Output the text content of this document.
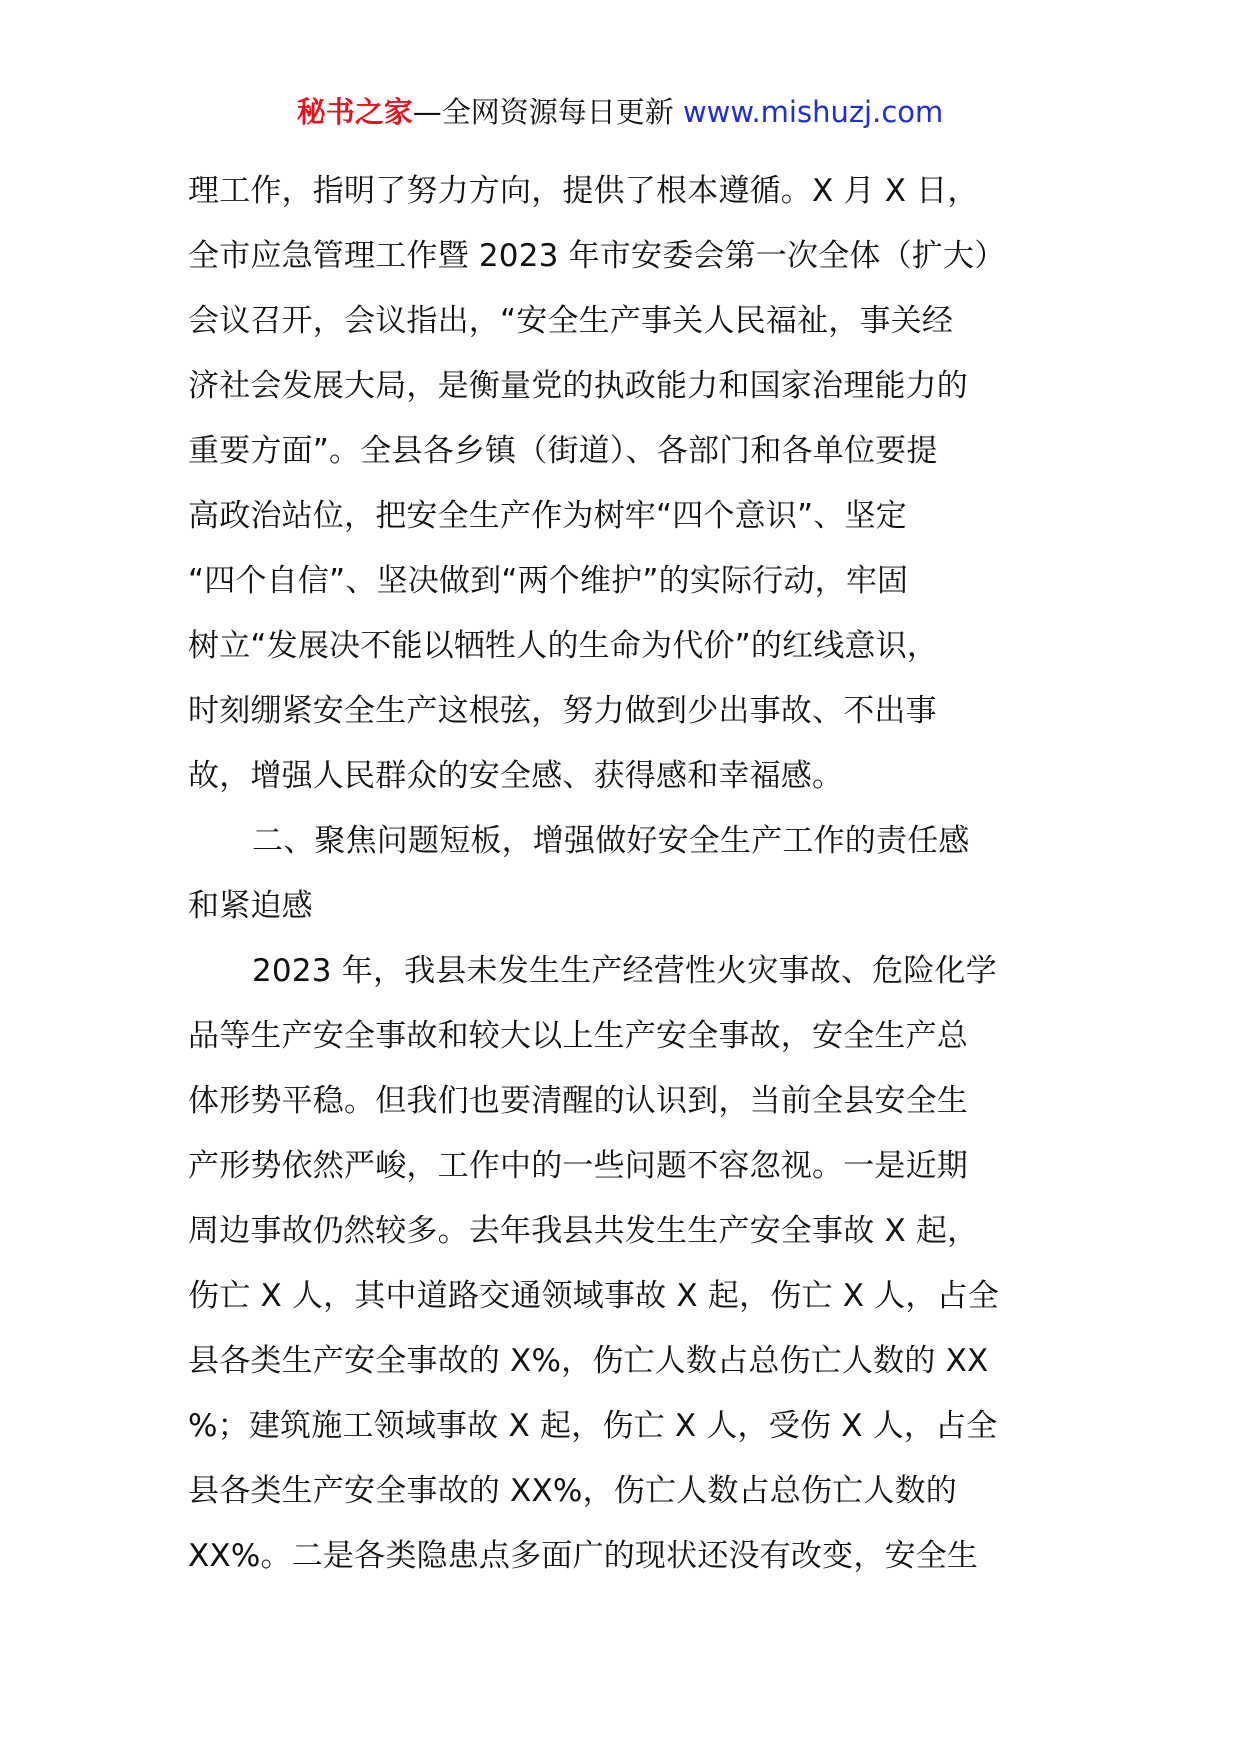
秘书之家—全网资源每日更新 www.mishuzj.com
理工作，指明了努力方向，提供了根本遵循。X 月 X 日，
全市应急管理工作暨 2023 年市安委会第一次全体（扩大）
会议召开，会议指出，“安全生产事关人民福祉，事关经
济社会发展大局，是衡量党的执政能力和国家治理能力的
重要方面”。全县各乡镇（街道）、各部门和各单位要提
高政治站位，把安全生产作为树牢“四个意识”、坚定
“四个自信”、坚决做到“两个维护”的实际行动，牢固
树立“发展决不能以牺牲人的生命为代价”的红线意识，
时刻绷紧安全生产这根弦，努力做到少出事故、不出事
故，增强人民群众的安全感、获得感和幸福感。
二、聚焦问题短板，增强做好安全生产工作的责任感
和紧迫感
2023 年，我县未发生生产经营性火灾事故、危险化学
品等生产安全事故和较大以上生产安全事故，安全生产总
体形势平稳。但我们也要清醒的认识到，当前全县安全生
产形势依然严峻，工作中的一些问题不容忽视。一是近期
周边事故仍然较多。去年我县共发生生产安全事故 X 起，
伤亡 X 人，其中道路交通领域事故 X 起，伤亡 X 人，占全
县各类生产安全事故的 X%，伤亡人数占总伤亡人数的 XX
%；建筑施工领域事故 X 起，伤亡 X 人，受伤 X 人，占全
县各类生产安全事故的 XX%，伤亡人数占总伤亡人数的
XX%。二是各类隐患点多面广的现状还没有改变，安全生
